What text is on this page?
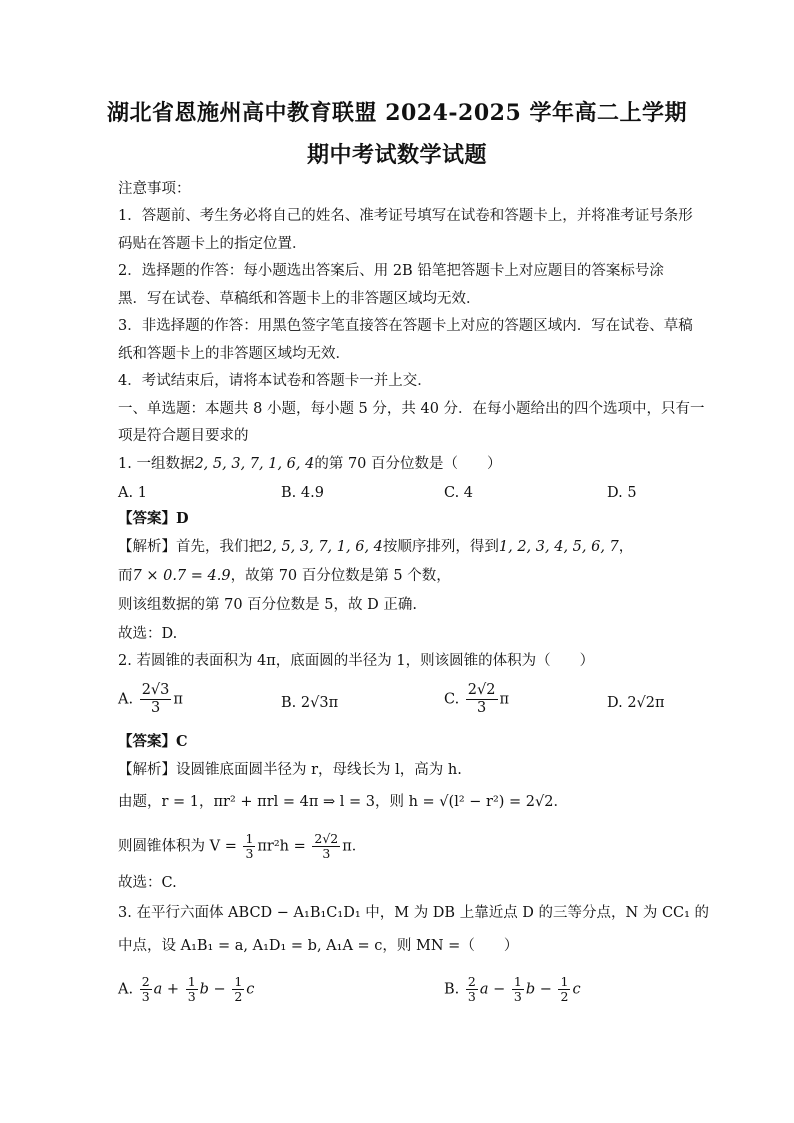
湖北省恩施州高中教育联盟 2024-2025 学年高二上学期
期中考试数学试题
注意事项：
1．答题前、考生务必将自己的姓名、准考证号填写在试卷和答题卡上，并将准考证号条形
码贴在答题卡上的指定位置．
2．选择题的作答：每小题选出答案后、用 2B 铅笔把答题卡上对应题目的答案标号涂
黑．写在试卷、草稿纸和答题卡上的非答题区域均无效．
3．非选择题的作答：用黑色签字笔直接答在答题卡上对应的答题区域内．写在试卷、草稿
纸和答题卡上的非答题区域均无效．
4．考试结束后，请将本试卷和答题卡一并上交．
一、单选题：本题共 8 小题，每小题 5 分，共 40 分．在每小题给出的四个选项中，只有一
项是符合题目要求的
1. 一组数据2, 5, 3, 7, 1, 6, 4的第 70 百分位数是（　　）
A. 1	B. 4.9	C. 4	D. 5
【答案】D
【解析】首先，我们把2, 5, 3, 7, 1, 6, 4按顺序排列，得到1, 2, 3, 4, 5, 6, 7，
而7 × 0.7 = 4.9，故第 70 百分位数是第 5 个数，
则该组数据的第 70 百分位数是 5，故 D 正确.
故选：D.
2. 若圆锥的表面积为 4π，底面圆的半径为 1，则该圆锥的体积为（　　）
A. $\frac{2√3}{3}$ π	B. 2√3π	C. $\frac{2√2}{3}$ π	D. 2√2π
【答案】C
【解析】设圆锥底面圆半径为 r，母线长为 l，高为 h.
由题，r = 1，πr² + πrl = 4π ⇒ l = 3，则 h = √(l² − r²) = 2√2．
则圆锥体积为 $V = \frac{1}{3} \pi r^2h = \frac{2√2}{3}$ π．
故选：C.
3. 在平行六面体 ABCD − A₁B₁C₁D₁ 中，M 为 DB 上靠近点 D 的三等分点，N 为 CC₁ 的
中点，设 A₁B₁ = a, A₁D₁ = b, A₁A = c，则 MN =（　　）
A. $\frac{2}{3}$ $a + \frac{1}{3}$ $b - \frac{1}{2}$ c	B. $\frac{2}{3}$ $a - \frac{1}{3}$ $b - \frac{1}{2}$ c
